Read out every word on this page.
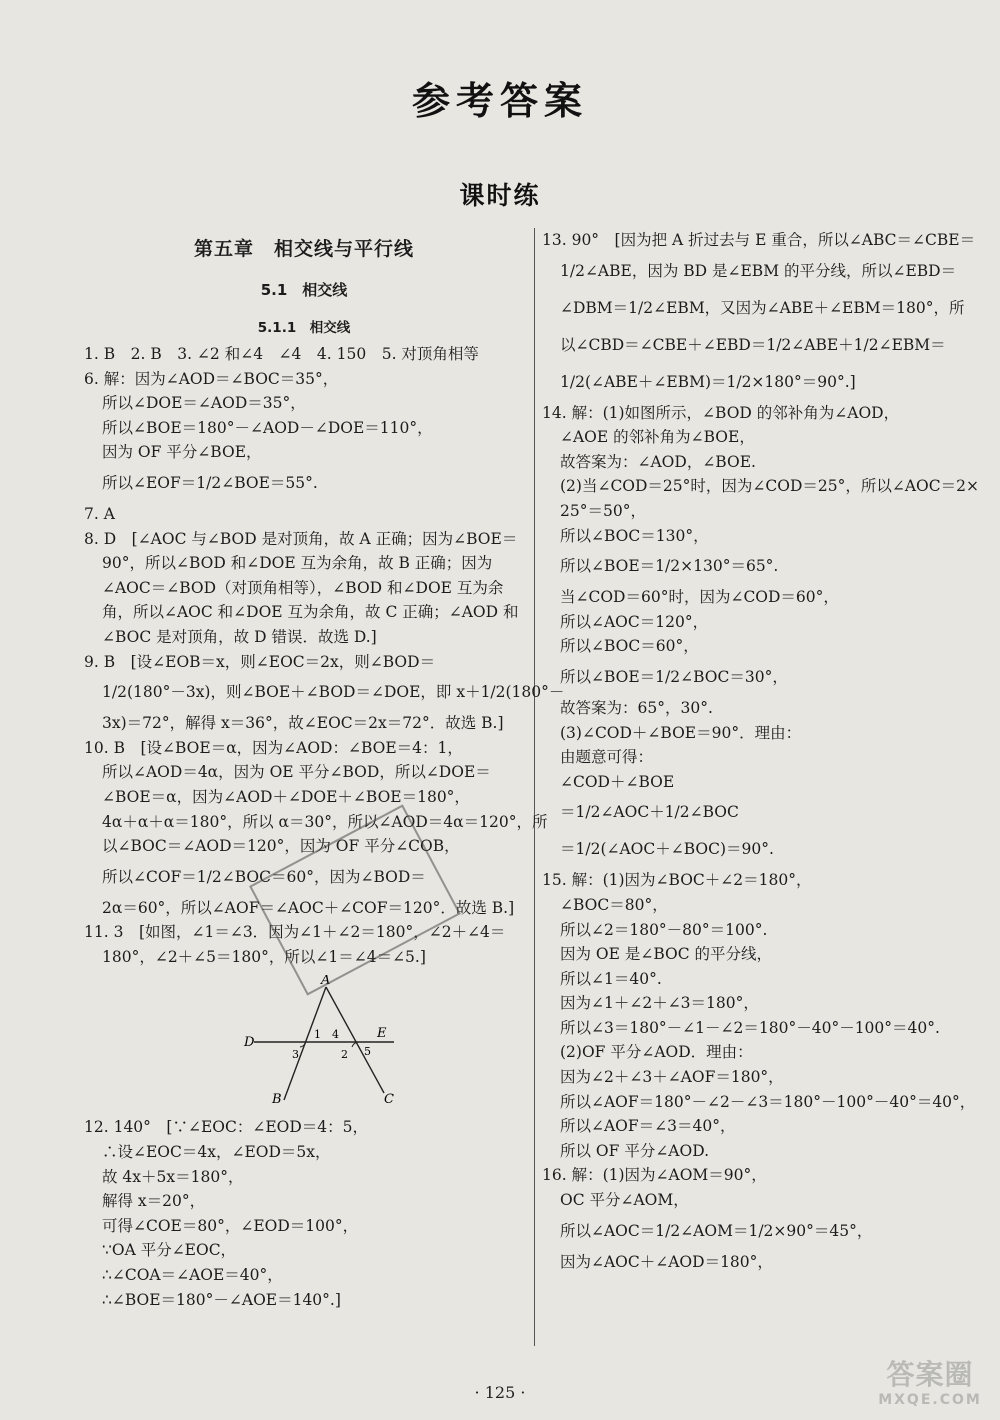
参考答案
课时练
第五章　相交线与平行线
5.1　相交线
5.1.1　相交线
1. B　2. B　3. ∠2 和∠4　∠4　4. 150　5. 对顶角相等
6. 解：因为∠AOD＝∠BOC＝35°，
所以∠DOE＝∠AOD＝35°，
所以∠BOE＝180°－∠AOD－∠DOE＝110°，
因为 OF 平分∠BOE，
所以∠EOF＝1/2∠BOE＝55°.
7. A
8. D　[∠AOC 与∠BOD 是对顶角，故 A 正确；因为∠BOE＝
90°，所以∠BOD 和∠DOE 互为余角，故 B 正确；因为
∠AOC＝∠BOD（对顶角相等），∠BOD 和∠DOE 互为余
角，所以∠AOC 和∠DOE 互为余角，故 C 正确；∠AOD 和
∠BOC 是对顶角，故 D 错误．故选 D.]
9. B　[设∠EOB＝x，则∠EOC＝2x，则∠BOD＝
1/2(180°－3x)，则∠BOE＋∠BOD＝∠DOE，即 x＋1/2(180°－
3x)＝72°，解得 x＝36°，故∠EOC＝2x＝72°．故选 B.]
10. B　[设∠BOE＝α，因为∠AOD：∠BOE＝4：1，
所以∠AOD＝4α，因为 OE 平分∠BOD，所以∠DOE＝
∠BOE＝α，因为∠AOD＋∠DOE＋∠BOE＝180°，
4α＋α＋α＝180°，所以 α＝30°，所以∠AOD＝4α＝120°，所
以∠BOC＝∠AOD＝120°，因为 OF 平分∠COB，
所以∠COF＝1/2∠BOC＝60°，因为∠BOD＝
2α＝60°，所以∠AOF＝∠AOC＋∠COF＝120°．故选 B.]
11. 3　[如图，∠1＝∠3．因为∠1＋∠2＝180°，∠2＋∠4＝
180°，∠2＋∠5＝180°，所以∠1＝∠4＝∠5.]
A
D
E
B	C
1 4
3	2 5
12. 140°　[∵∠EOC：∠EOD＝4：5，
∴设∠EOC＝4x，∠EOD＝5x，
故 4x＋5x＝180°，
解得 x＝20°，
可得∠COE＝80°，∠EOD＝100°，
∵OA 平分∠EOC，
∴∠COA＝∠AOE＝40°，
∴∠BOE＝180°－∠AOE＝140°.]
13. 90°　[因为把 A 折过去与 E 重合，所以∠ABC＝∠CBE＝
1/2∠ABE，因为 BD 是∠EBM 的平分线，所以∠EBD＝
∠DBM＝1/2∠EBM，又因为∠ABE＋∠EBM＝180°，所
以∠CBD＝∠CBE＋∠EBD＝1/2∠ABE＋1/2∠EBM＝
1/2(∠ABE＋∠EBM)＝1/2×180°＝90°.]
14. 解：(1)如图所示，∠BOD 的邻补角为∠AOD，
∠AOE 的邻补角为∠BOE，
故答案为：∠AOD，∠BOE.
(2)当∠COD＝25°时，因为∠COD＝25°，所以∠AOC＝2×
25°＝50°，
所以∠BOC＝130°，
所以∠BOE＝1/2×130°＝65°.
当∠COD＝60°时，因为∠COD＝60°，
所以∠AOC＝120°，
所以∠BOC＝60°，
所以∠BOE＝1/2∠BOC＝30°，
故答案为：65°，30°.
(3)∠COD＋∠BOE＝90°．理由：
由题意可得：
∠COD＋∠BOE
＝1/2∠AOC＋1/2∠BOC
＝1/2(∠AOC＋∠BOC)＝90°.
15. 解：(1)因为∠BOC＋∠2＝180°，
∠BOC＝80°，
所以∠2＝180°－80°＝100°.
因为 OE 是∠BOC 的平分线，
所以∠1＝40°.
因为∠1＋∠2＋∠3＝180°，
所以∠3＝180°－∠1－∠2＝180°－40°－100°＝40°.
(2)OF 平分∠AOD．理由：
因为∠2＋∠3＋∠AOF＝180°，
所以∠AOF＝180°－∠2－∠3＝180°－100°－40°＝40°，
所以∠AOF＝∠3＝40°，
所以 OF 平分∠AOD.
16. 解：(1)因为∠AOM＝90°，
OC 平分∠AOM，
所以∠AOC＝1/2∠AOM＝1/2×90°＝45°，
因为∠AOC＋∠AOD＝180°，
· 125 ·
答案圈
MXQE.COM
